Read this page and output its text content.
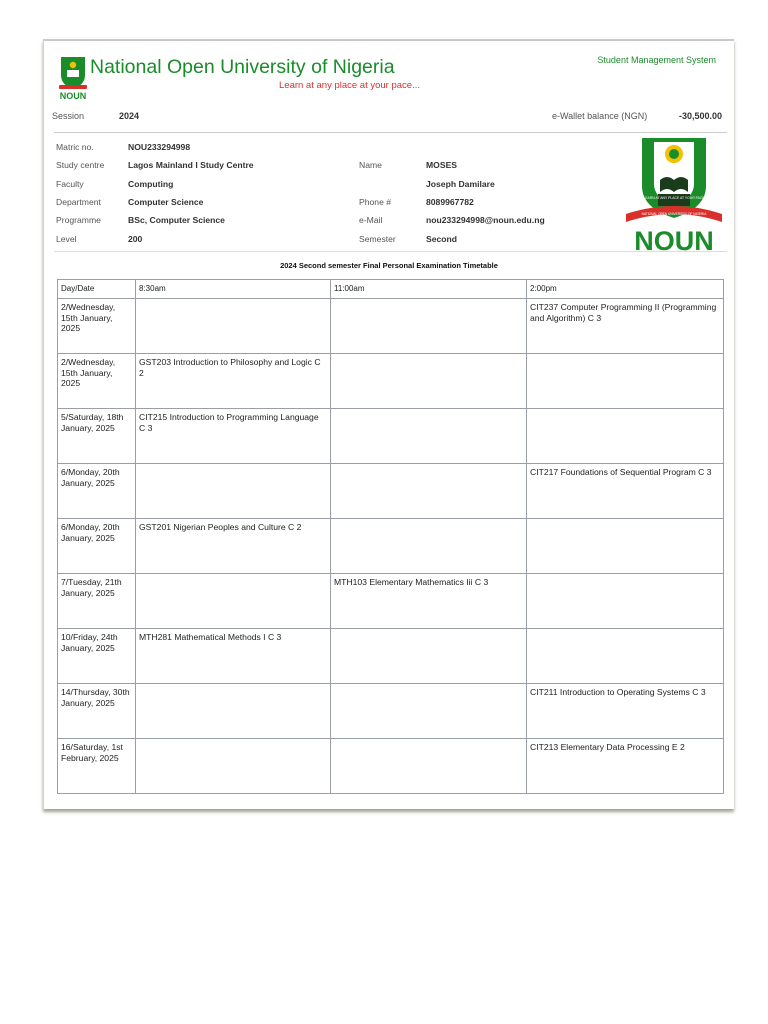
NOUN
National Open University of Nigeria
Learn at any place at your pace...
Student Management System
Session	2024	e-Wallet balance (NGN)	-30,500.00
Matric no.	NOU233294998
Study centre	Lagos Mainland I Study Centre
Faculty	Computing
Department	Computer Science
Programme	BSc, Computer Science
Level	200
Name	MOSES
Joseph Damilare
Phone #	8089967782
e-Mail	nou233294998@noun.edu.ng
Semester	Second
LEARN AT ANY PLACE AT YOUR PACE
NATIONAL OPEN UNIVERSITY OF NIGERIA
NOUN
2024 Second semester Final Personal Examination Timetable
Day/Date	8:30am	11:00am	2:00pm
2/Wednesday, 15th January, 2025			CIT237 Computer Programming II (Programming and Algorithm) C 3
2/Wednesday, 15th January, 2025	GST203 Introduction to Philosophy and Logic C 2		
5/Saturday, 18th January, 2025	CIT215 Introduction to Programming Language C 3		
6/Monday, 20th January, 2025			CIT217 Foundations of Sequential Program C 3
6/Monday, 20th January, 2025	GST201 Nigerian Peoples and Culture C 2		
7/Tuesday, 21th January, 2025		MTH103 Elementary Mathematics Iii C 3	
10/Friday, 24th January, 2025	MTH281 Mathematical Methods I C 3		
14/Thursday, 30th January, 2025			CIT211 Introduction to Operating Systems C 3
16/Saturday, 1st February, 2025			CIT213 Elementary Data Processing E 2
